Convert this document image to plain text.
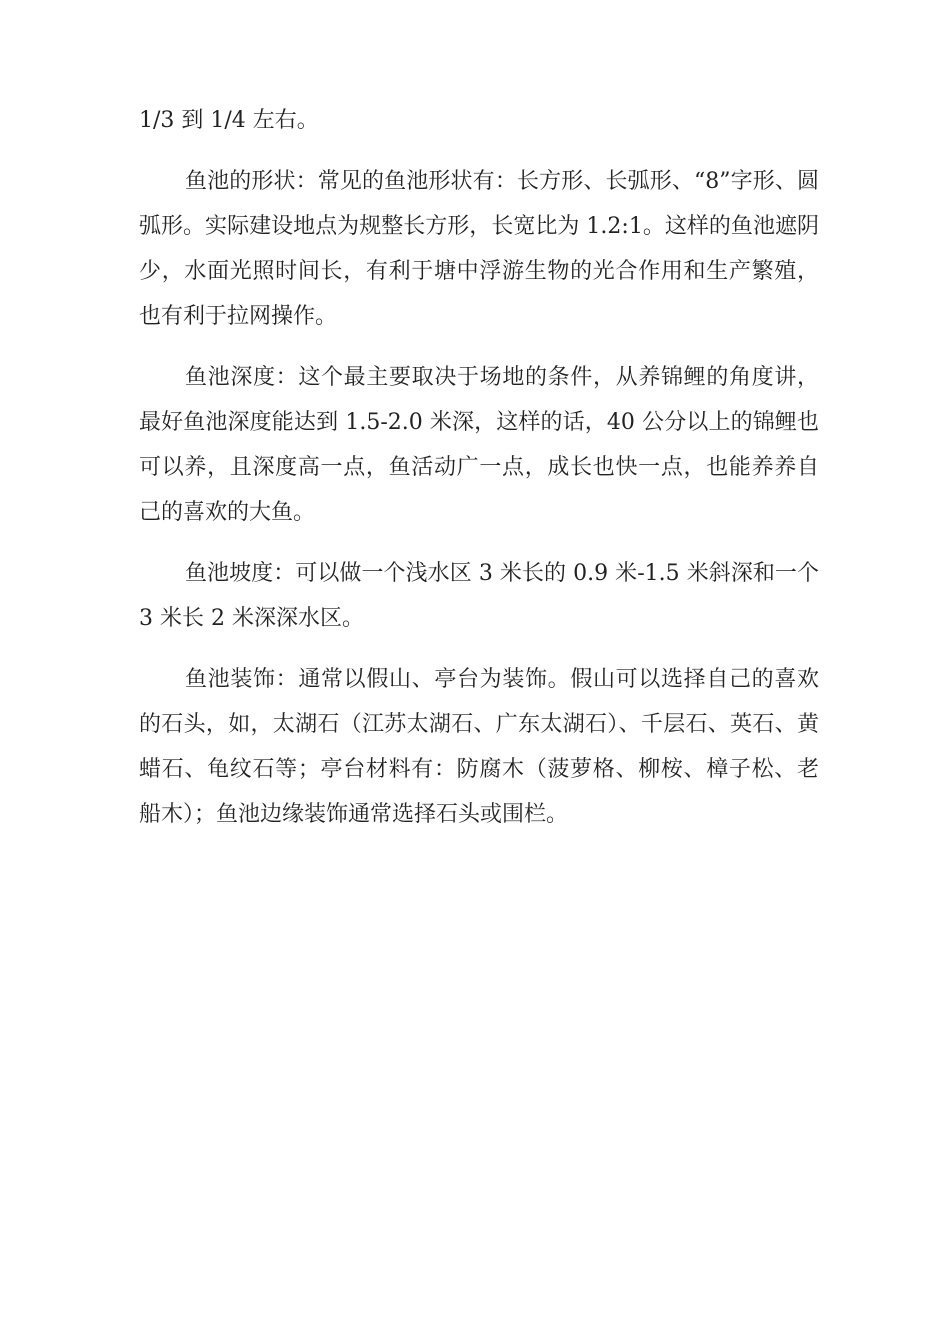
1/3 到 1/4 左右。

鱼池的形状：常见的鱼池形状有：长方形、长弧形、“8”字形、圆弧形。实际建设地点为规整长方形，长宽比为 1.2:1。这样的鱼池遮阴少，水面光照时间长，有利于塘中浮游生物的光合作用和生产繁殖，也有利于拉网操作。

鱼池深度：这个最主要取决于场地的条件，从养锦鲤的角度讲，最好鱼池深度能达到 1.5-2.0 米深，这样的话，40 公分以上的锦鲤也可以养，且深度高一点，鱼活动广一点，成长也快一点，也能养养自己的喜欢的大鱼。

鱼池坡度：可以做一个浅水区 3 米长的 0.9 米-1.5 米斜深和一个 3 米长 2 米深深水区。

鱼池装饰：通常以假山、亭台为装饰。假山可以选择自己的喜欢的石头，如，太湖石（江苏太湖石、广东太湖石）、千层石、英石、黄蜡石、龟纹石等；亭台材料有：防腐木（菠萝格、柳桉、樟子松、老船木）；鱼池边缘装饰通常选择石头或围栏。
